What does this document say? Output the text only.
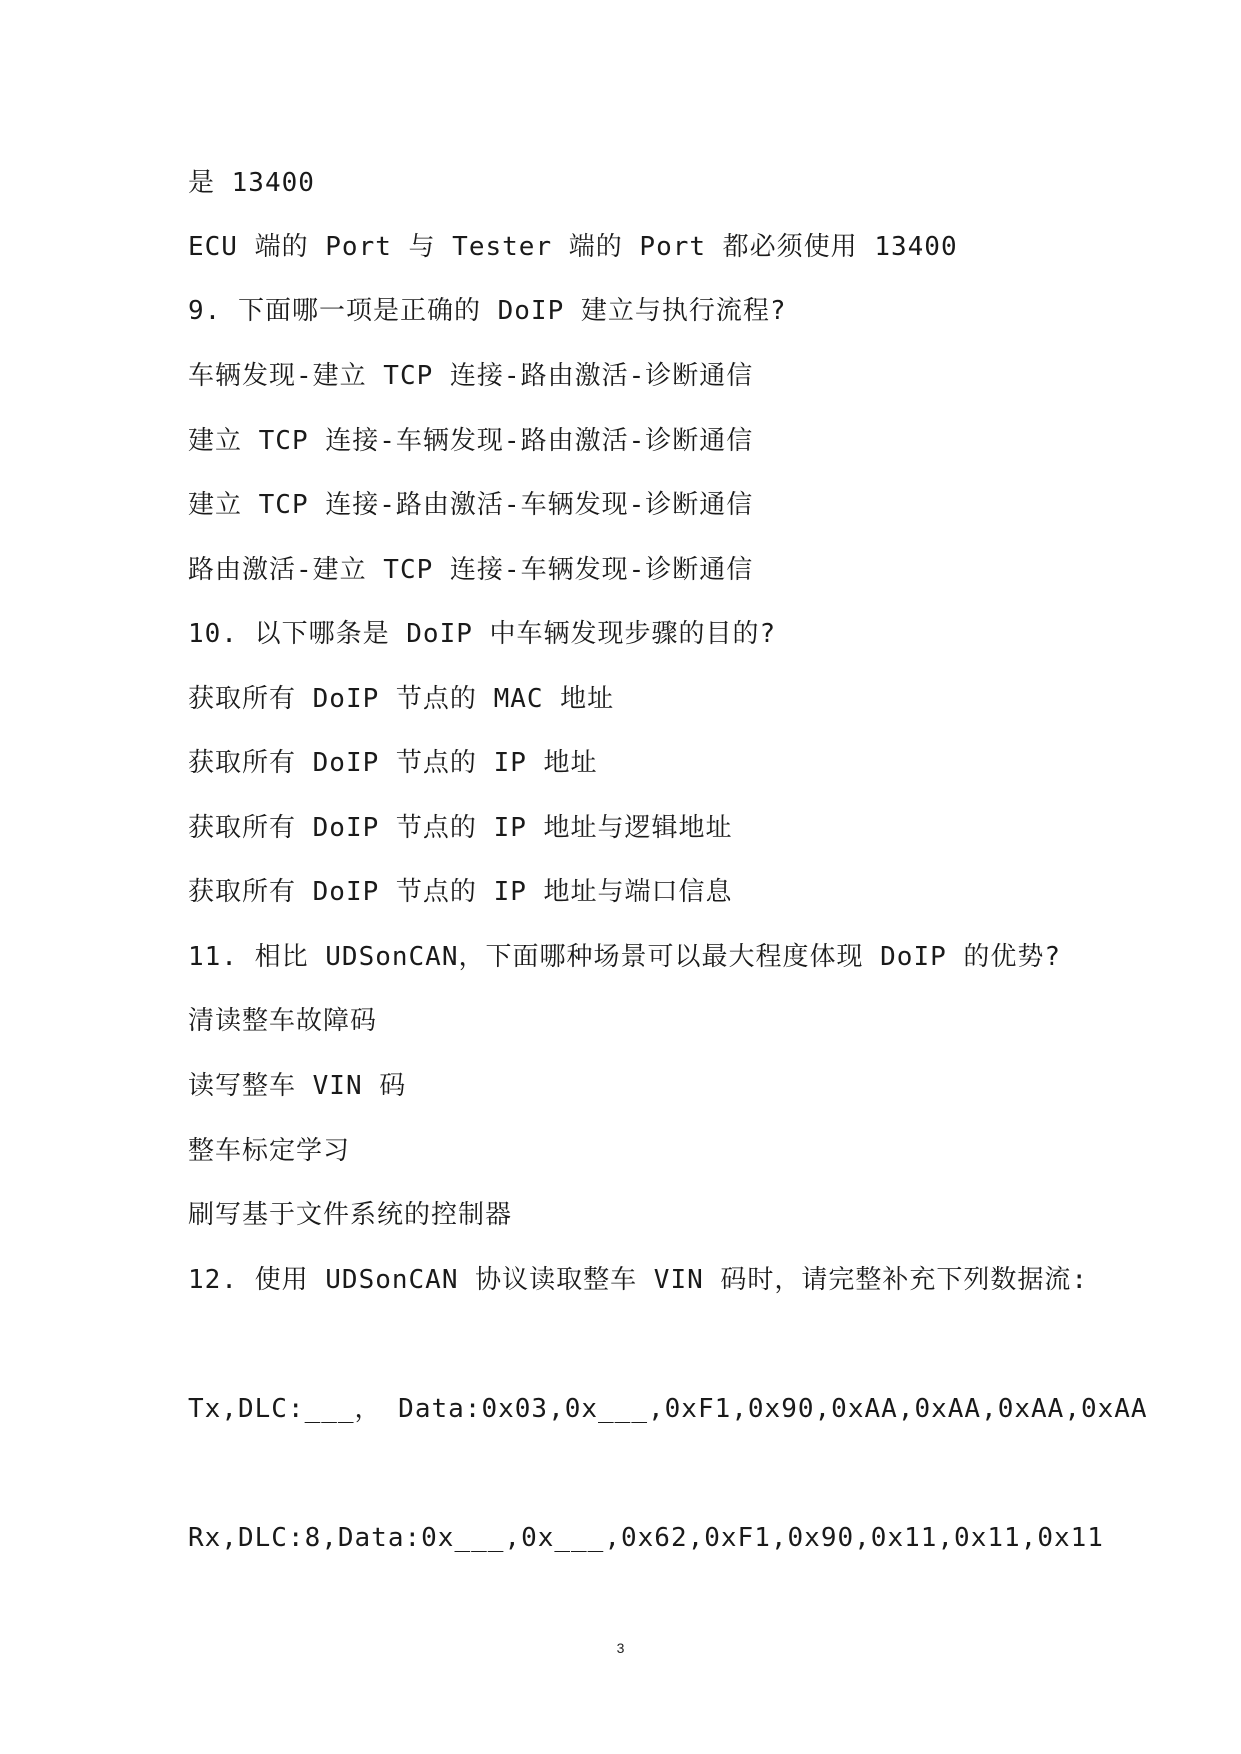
是 13400
ECU 端的 Port 与 Tester 端的 Port 都必须使用 13400
9. 下面哪一项是正确的 DoIP 建立与执行流程?
车辆发现-建立 TCP 连接-路由激活-诊断通信
建立 TCP 连接-车辆发现-路由激活-诊断通信
建立 TCP 连接-路由激活-车辆发现-诊断通信
路由激活-建立 TCP 连接-车辆发现-诊断通信
10. 以下哪条是 DoIP 中车辆发现步骤的目的?
获取所有 DoIP 节点的 MAC 地址
获取所有 DoIP 节点的 IP 地址
获取所有 DoIP 节点的 IP 地址与逻辑地址
获取所有 DoIP 节点的 IP 地址与端口信息
11. 相比 UDSonCAN，下面哪种场景可以最大程度体现 DoIP 的优势?
清读整车故障码
读写整车 VIN 码
整车标定学习
刷写基于文件系统的控制器
12. 使用 UDSonCAN 协议读取整车 VIN 码时，请完整补充下列数据流:
Tx,DLC:___， Data:0x03,0x___,0xF1,0x90,0xAA,0xAA,0xAA,0xAA
Rx,DLC:8,Data:0x___,0x___,0x62,0xF1,0x90,0x11,0x11,0x11
3
